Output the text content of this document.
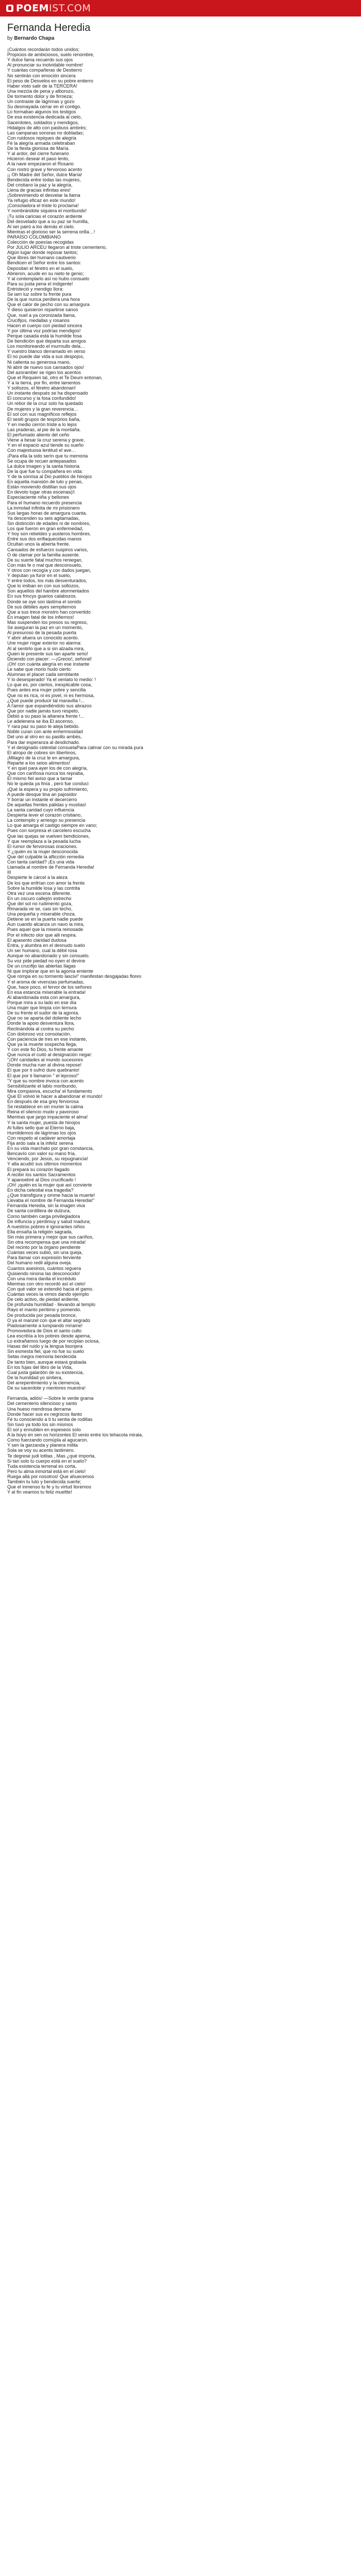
POEM IST.COM
Fernanda Heredia
by Bernardo Chapa
¡Cuántos recordarán todos unidos;
Propicios de ambiciosos, suelo renombre,
Y dulce fama recuerdo sus ojos
Al pronunciar su inolvidable nombre!
Y cuántas compañeras de Destierro
No sentirán con emoción sincera
El peso de Desvelos en su pobre entierro
Haber visto salir de la TERCERA!
Una mezcla de pena y alborozo,
De tormento dolor y de firmeza;
Un contraste de lágrimas y gozo
Su desmayada cerrar en el contigo.
Lo formaban algunos los testigos
De esa existencia dedicada al cielo,
Sacerdotes, soldados y mendigos,
Hidalgos de alto con pasbuss ambrés;
Las campanas sonoras no dobladas;
Con ruidosos repiques de alegría
Fé la alegría armada celebraban
De la fiesta gloriosa de María.
Y al ardor, del cierre funerario
Hicieron desear el paso lento,
A la nave empezaron el Rosario
Con rostro grave y fervoroso acento
¡¡ Oh Madre del Señor, dulce María!
Bendecida entre todas las mujeres,
Del cristiano la paz y la alegría,
Llena de gracias infinitas eres!
¡Sobreviniendo el desvelar la llama
Ya refugio eficaz en este mundo!
¡Consoladora el triste lo proclama!
Y nombrándote siquiera el moribundo!
¡Tu sola caricias el corazón ardiente
Del desvelado que a su paz se humilla,
Al ser pairó a los demás el cielo.
Mientras el glorioso ser la serrena orilla…!
PARAÍSO COLOMBIANO
Colección de poesías recogidas
Por JULIO ARCEU llegaron al triste cementerio,
Algún lugar donde reposar tantos;
Que libres del humano cautiverio
Bendicen el Señor entre los santos:
Depositan el féretro en el suelo,
Abrieron, acude en su nieto te genio;
Y al contemplarlo así no hubo consuelo
Para su justa pena el indigente!
Entristeció y mendigo llora:
Se iam luz sobre tu frente pura
De la que nunca perdiera una hora
Que el calor de pecho con su amargura
Y dieso quisieron repartirse sanos
Que, nuel a ya coronizada llama,
Crucifijos, medallas y rosarios
Hacen el cuerpo con piedad sincera
Y por última voz podrías mendigos!
Perque casada está la humilde fosa
De bendición que departa sus amigos
Los monitoreando el murmullo dela…
Y vuestro blanco derramado en verso
El no puede dar vida a sus despojos,
Ni calienta su generosa mano,
Ni abrir de nuevo sus cansados ojos!
Del azoramber se rigen los acentos
Que el Requiem tal, otro el Te Deum entonan,
Y a la tierra, por fin, entre lamentos
Y sollozos, el féretro abandonan!
Un instante después se ha dispensado
El concurso y la fosa confundido!
Un rebor de la cruz solo ha quedado
De mujeres y la gran reverencia…
El sol con sus magníficos reflejos
El sesiti grupos de tesprórios baña,
Y en medio cerrón triste a lo lejos
Las praderas, al pie de la montaña.
El perfumado aliento del ceño
Viene a besar la cruz serena y grave,
Y en el espacio azul tiende su sueño
Con majestuosa lentitud el ave…
¡Para ella la sido serín que tu memoria
Se ocupa de recuer antepasados
La dulce imagen y la santa historia
De la que fue tu compañera en vida:
Y de la sonrisa al Dio pueblos de hinojos
En aquella mansión de luto y penas,
Están moviendo distillan sus ojos
En devoto lugar otras escenas(/i
Especiaciente niña y bellones
Para el humano recuerdo presencia
La inmolad infinita de mi prisionero
Sus largas horas de amargura cuanta.
Ya descenden su seis agitamadas,
Sin distinción de edades ni de nombres,
Los que fueron en gran enfermedad,
Y hoy son rebeldes y austeros hombres.
Entre sus dos enflaquecidas manos
Ocultan unos la abierta frente.
Cansados de esfuerzo suspiros varios,
O de clamar por la familia ausente.
De su suerte fatal muchos reniegan,
Con más fe o mal que desconsuelo,
Y otros con recogía y con dados juegan,
Y deputan ya furor en el suelo,
Y entre todos, los más desventurados,
Que lo imiban en con sus sollozos,
Son aquellos del hambre atormentados
En sus frincys guarios calabozos.
Donde se oye son lástima el sonido
De sus débiles ayes sempiternos
Que a sus trece monstro han convertido
En imagen fatal de los infiernos!
Mas suspenden los presos su regreso,
Se aseguran la paz en un momento,
Al presuroso de la pesada puerta
Y abrir afuera un conocido acento.
Une mujer rogar exterior no alarma:
Al al sentirlo que a si sin alzada mira,
Quien le presente sus tan aparte serio!
Diciendo con placer: —¡Grecio!, señoral!
¡Oh! con cuánta alegría en ese instante
Le sabe que morio hudo cierto:
Alumnas el placer cada semblante
Y lo desesperado! Ya el venlato lo medio: !
Lo que es, por ciertos, inexplicable cosa,
Pues antes era mujer pobre y sencilla
Que no es rica, ni es jovel, ni es hermosa,
¿Qué puede producir tal maravilla !...
A l'amor que expandiéndolo sus abrazos
Que por nadie jamás tuvo respeto,
Debió a su paso la altanera frente !...
Le adelenera se iba El ascenso,
Y rara paz su paso te aleja bebido.
Noble curan con ante enhermosidad
Del uno al otro en su pasillo ambés,
Para dar esperanza al desdichado.
Y el designado celestial consuelaPara calmar con su mirada pura
El atropo de cobres sin libertinos,
¡Milagro de la cruz le en amargura,
Reparte a los seios alimentos!
Y en quel para ayer los de con alegría,
Que con cariñosa nunca los repraba,
El mismo fiel aviso que a tamar
No le quieda ya finía , pero fue conduci
¡Qué la espera y su propio sufrimiento,
A puede desque tina an pajosidor
Y borrar un instante el decercerro
De aquellas frentes pálidas y mustias!
La santa caridad cuyo influencia
Despierta lever el corazón cristiano,
La contemplo y arriesgo su presencia
Lo que amarga el castigo siempre en vano;
Pues con sorpresa el carcelero escucha
Que las quejas se vuelven bendiciones,
Y que reemplaza a la pesada lucha
El rumor de fervorosas oraciones.
Y ¿quién es la mujer desconocida
Que del culpable la aflicción remedia
Con tanta caridad? ¡Es una vida
Llamada al nombre de Fernanda Heredia!
III
Despierte le cárcel a la aleza
De los que enfrían con amor la frente
Sobre la humilde losa y las contrita
Otra vez una escena diferente.
En un oscuro callejón estrecho
Que del sol no rudimento goza,
Rimarada ve se, casi sin techo,
Una pequeña y miserable choza.
Detiene se en la puerta nadie puede
Aun cuando alcanza un navo la mira,
Pues aquel que la miseria reinosade
Por el infecto olor que alli respira.
El apasento claridad dudosa
Entra, y alumbra en el desnudo suelo
Un ser humano, cual la débil rosa
Aunque no abandonado y sin consuelo.
Su voz pide piedad no oyen el devine
De un crucifijo las abiertas llagas
Ni que implorar que en la agonía emiente
Que rompa en su tormento lascivi" manifestan desgajadas flores
Y el aroma de vivencias perfumadas,
Que, hace poco, el fervor de los señores
En esa estancia miserable la entrada!
Al abandonada esta con amargura,
Porque mira a su lado en ese día
Una mujer que limpia con ternura
De su frente el sudor de la agonía.
Que no se aparta del doliente lecho
Donde la apoio desventura llora,
Reclinándola al contra su pecho
Con doloroso voz consolación.
Con paciencia de tres en ese instante,
Que ya la muerte sospecha llega,
Y con este fio Dios, tu frente amante
Que nunca el cuitó al designación negar:
"¡Oh! caridades al mundo sucesores
Donde mucha ruer al divina repose!
El que por ti sufrió dure quebranto!
El que por ti llamaron " el leproso!"
"Y que su nombre invoca con acento
Sensibilizante el labio moribundo,
Mira compasiva, escucha' el fundamento
Qué El volvió le hacer a abandonar el mundo!
En después de esa grey fervorosa
Se restablece en sin murier la calma
Reina el silencio mudo y pavoroso
Mientras que jargo impaciente el alma!
Y la santa mujer, puesta de hinojos
Al fulles sello que al Eterno baja,
Humildemos de lágrimas los ojos
Con respeto al cadáver amortaja
Fija ardo sala a la infeliz serena
En su vida marchato por gran constancia,
Bencavío con valor su mano fría,
Venciendo, por Jesús, su repugnancia!
Y alla acudió sus últimos momentos
El prepará su corazón llagado
A recibir los santos Sacramentos
Y apanoebré al Dios crucificado !
¡Oh! ¡quién es la mujer que así convierte
En dicha celestial esa tragedia?
¿Que transfigura y omme hacia la muerte!
Llevaba el nombre de Fernanda Heredia!"
Fernanda Heredia, sin la imagen viva
De santa cordillera de dulzura,
Como también carga privilegiadora
De influncia y perdimuy y salud madura;
A nuestros pobres é ignorantes niños
Ella ensaña la religión sagrada,
Sin más primera y mejor que sus cariños,
Sin otra recompensa que una mirada!
Del recinto por la órgano pendiente
Cuántas veces subió, sin una queja,
Para llamar con expresión ferviente
Del humano redil alguna oveja.
Cuantos asesinos, cuántos reguera
Quisiendo ninona las desconocido!
Con una mera danlla el incrédulo
Mientras con otro recordó así el cielo!
Con qué valor se extendió hacia el gamo.
Cuántas veces la vimos dando ejemplo
De celo activo, de piedad ardiente,
De profunda humildad · llevando al templo
Rayo el manto peritimo y pomendo.
De producida por pesada bronce,
O ya el manzel con que el altar segrado
Piadosamente a lumpiando mírame!
Promovedora de Dios el santo culto
Lea escribía a los pobres desde aperna,
Lo extrañamos luego de por recíplan ociosa,
Hasas del ruido y la lengua lisonjera
Sin esmesta fiel, que no fue su suelo
Setas megra memoria bendecida
De tanto bien, aunque estará grabada
En los fujas del libro de la Vida,
Cual justa galardón de su existencia,
De la humildad yo sintiera,
Del arrepentimiento y la clemencia,
De su sacerdote y mentores muestra!
Fernanda, adiós! —Sobre le verde grama
Del cementerio silencioso y santo
Una hueso mendrosa derrama
Donde hacer sus ex negrocos llanto
Fé tu conociendo a ti tu sentia de rodillas
Sin tuvo ya todo los sin mismos
El sol y ennublen en espeseos solo
A la boyo en sen os horizontes El venio entre los tehacota mirala,
Como fuerzando comúpla al agucaron.
Y sen la garzanda y planera milita
Sola se voy su acento lastimero.
Te degrese judi lotitas , Mas ¿qué importa,
Si tan solo tu cuerpo está en el suelo?
Tuda existencia terrenal es corta,
Pero tu alma inmortal está en el cielo!
Ruega allá por nosotros! Que ahuecemos
También tu luto y bendecida suerte;
Que el inmenso tu fe y tu virtud lloremos
Y al fin veamos tu feliz mueltte!
